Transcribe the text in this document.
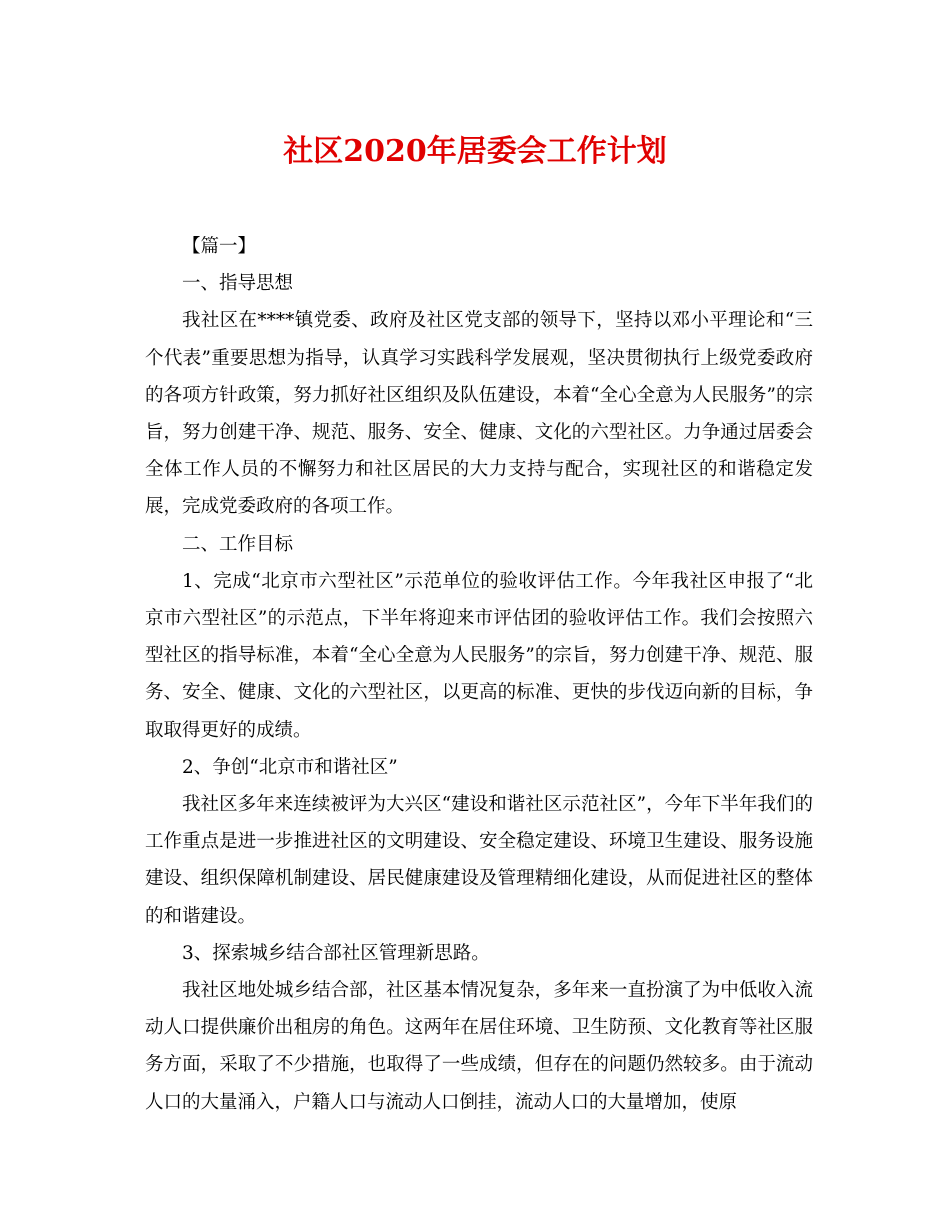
社区2020年居委会工作计划

【篇一】

一、指导思想

我社区在****镇党委、政府及社区党支部的领导下，坚持以邓小平理论和“三个代表”重要思想为指导，认真学习实践科学发展观，坚决贯彻执行上级党委政府的各项方针政策，努力抓好社区组织及队伍建设，本着“全心全意为人民服务”的宗旨，努力创建干净、规范、服务、安全、健康、文化的六型社区。力争通过居委会全体工作人员的不懈努力和社区居民的大力支持与配合，实现社区的和谐稳定发展，完成党委政府的各项工作。

二、工作目标

1、完成“北京市六型社区”示范单位的验收评估工作。今年我社区申报了“北京市六型社区”的示范点，下半年将迎来市评估团的验收评估工作。我们会按照六型社区的指导标准，本着“全心全意为人民服务”的宗旨，努力创建干净、规范、服务、安全、健康、文化的六型社区，以更高的标准、更快的步伐迈向新的目标，争取取得更好的成绩。

2、争创“北京市和谐社区”

我社区多年来连续被评为大兴区“建设和谐社区示范社区”，今年下半年我们的工作重点是进一步推进社区的文明建设、安全稳定建设、环境卫生建设、服务设施建设、组织保障机制建设、居民健康建设及管理精细化建设，从而促进社区的整体的和谐建设。

3、探索城乡结合部社区管理新思路。

我社区地处城乡结合部，社区基本情况复杂，多年来一直扮演了为中低收入流动人口提供廉价出租房的角色。这两年在居住环境、卫生防预、文化教育等社区服务方面，采取了不少措施，也取得了一些成绩，但存在的问题仍然较多。由于流动人口的大量涌入，户籍人口与流动人口倒挂，流动人口的大量增加，使原
